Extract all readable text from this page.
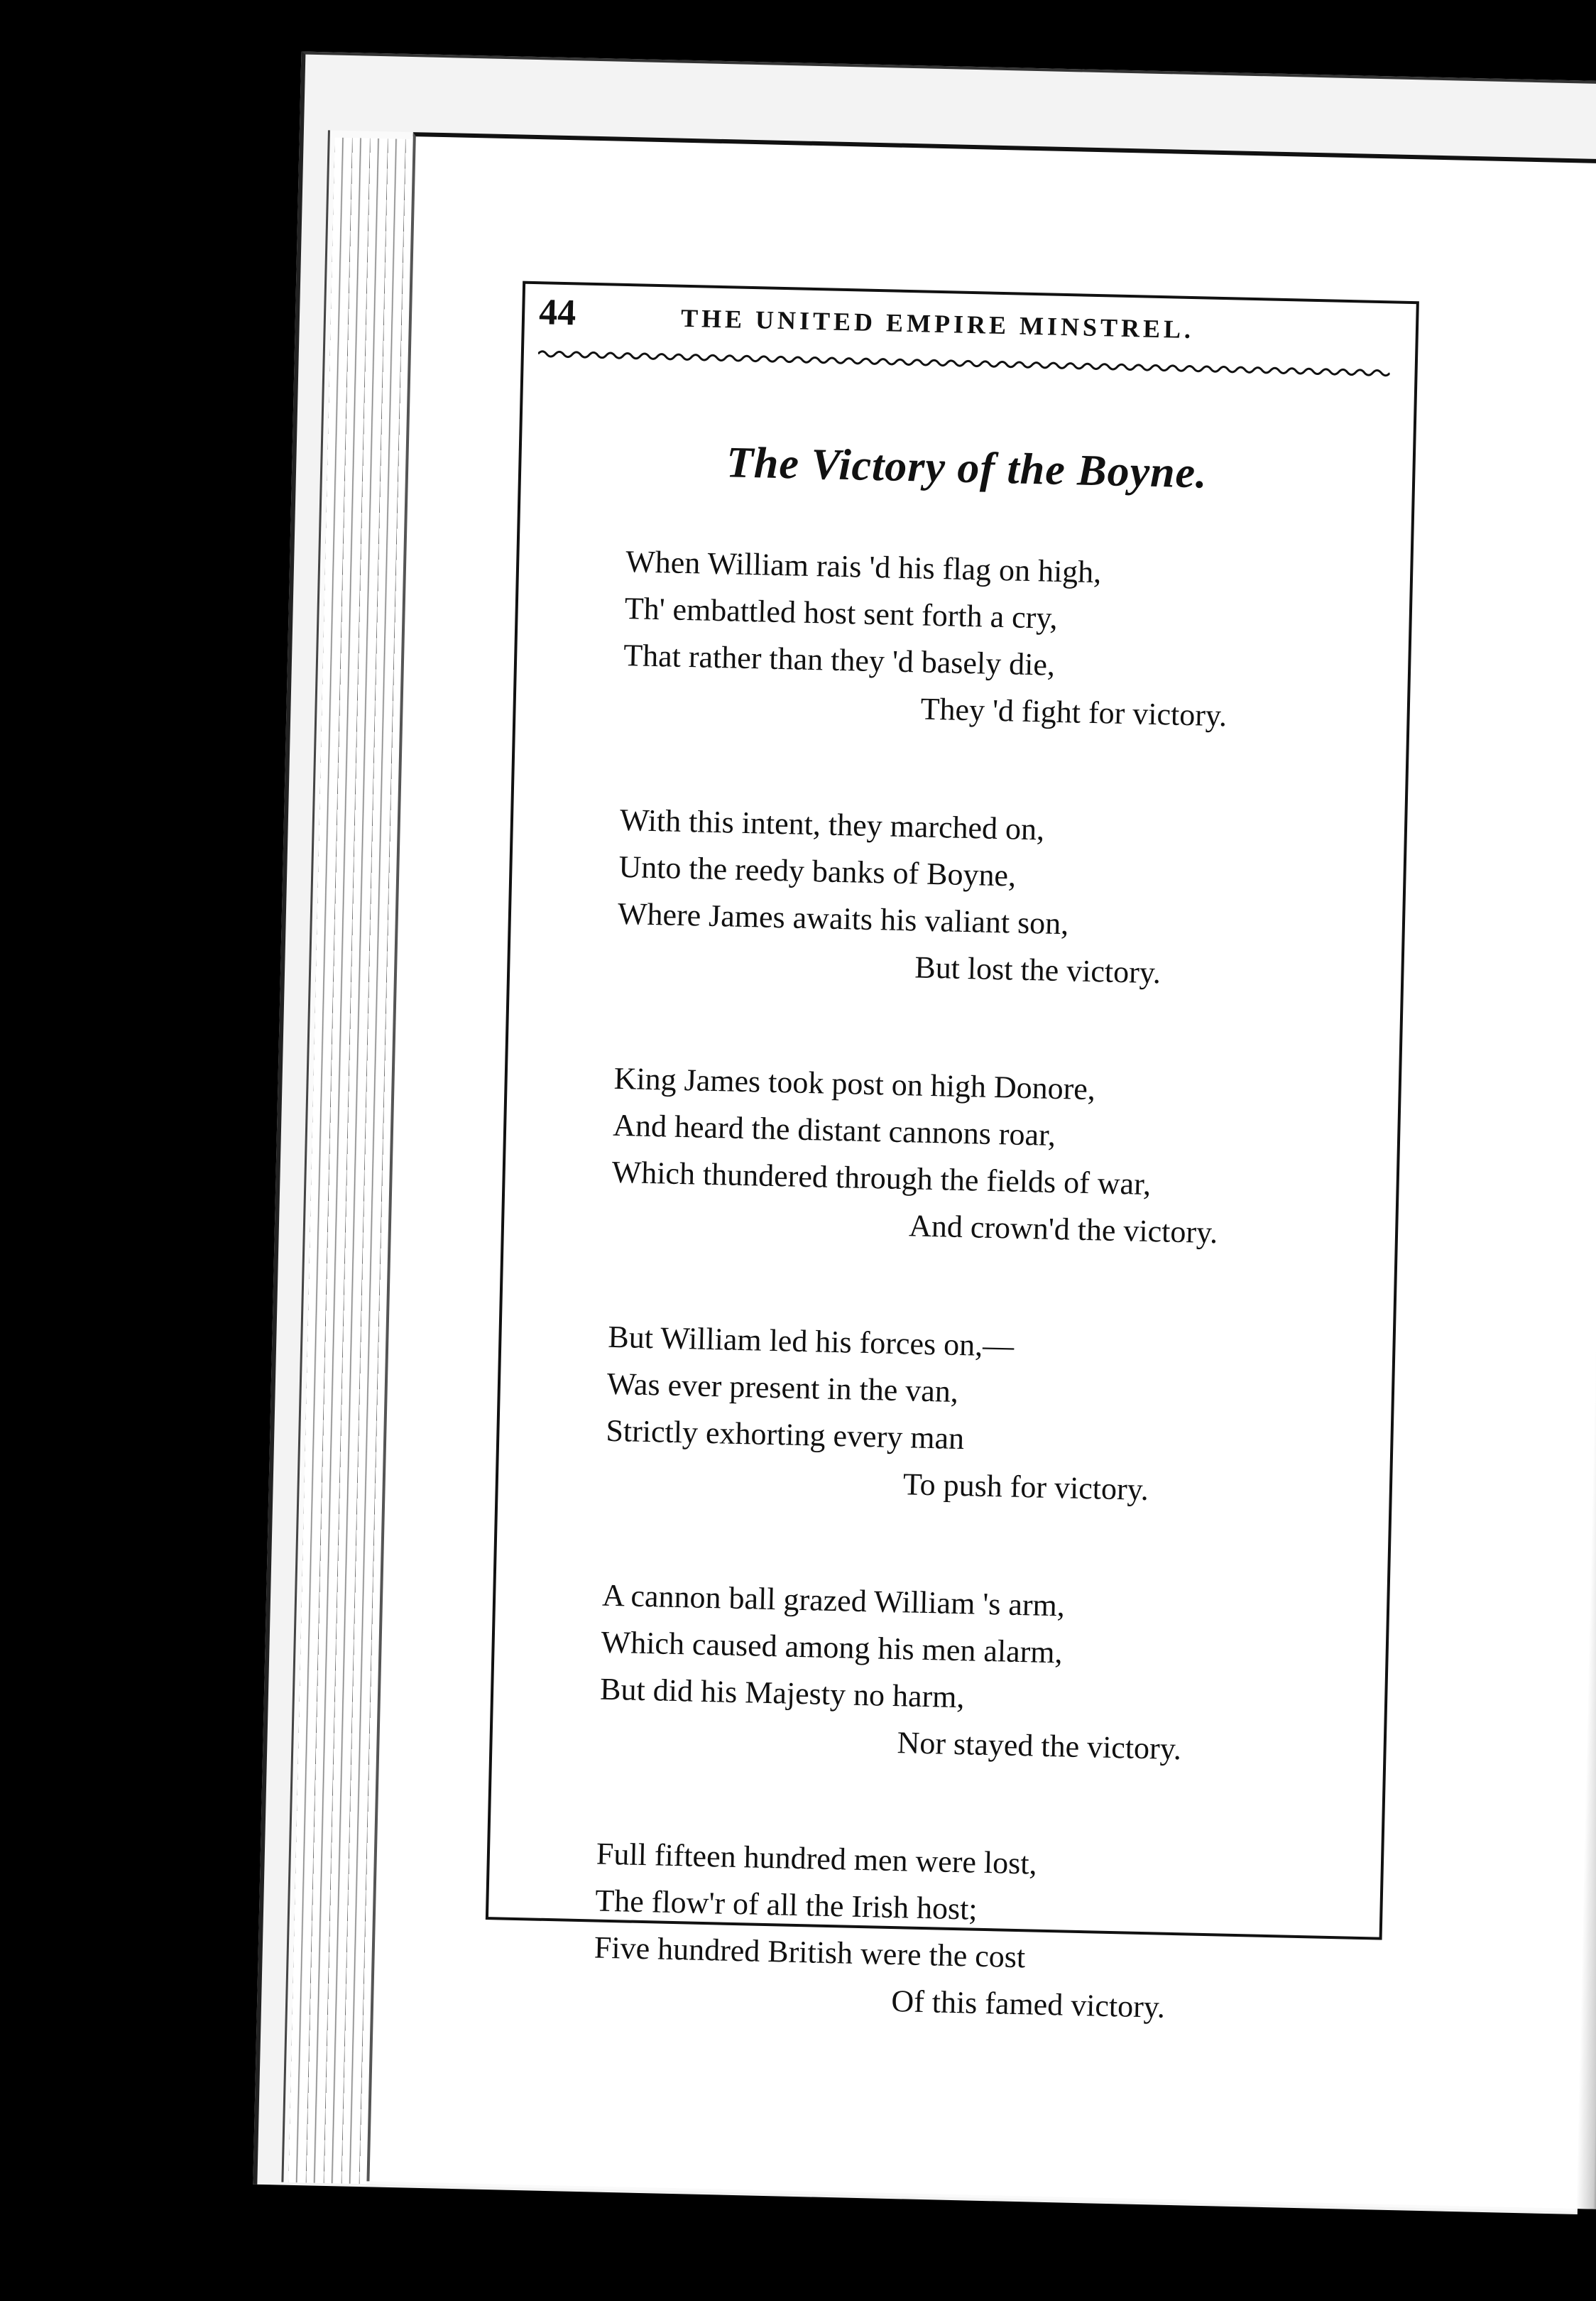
44	THE UNITED EMPIRE MINSTREL.
The Victory of the Boyne.
When William rais 'd his flag on high,
Th' embattled host sent forth a cry,
That rather than they 'd basely die,
They 'd fight for victory.
With this intent, they marched on,
Unto the reedy banks of Boyne,
Where James awaits his valiant son,
But lost the victory.
King James took post on high Donore,
And heard the distant cannons roar,
Which thundered through the fields of war,
And crown'd the victory.
But William led his forces on,—
Was ever present in the van,
Strictly exhorting every man
To push for victory.
A cannon ball grazed William 's arm,
Which caused among his men alarm,
But did his Majesty no harm,
Nor stayed the victory.
Full fifteen hundred men were lost,
The flow'r of all the Irish host;
Five hundred British were the cost
Of this famed victory.
